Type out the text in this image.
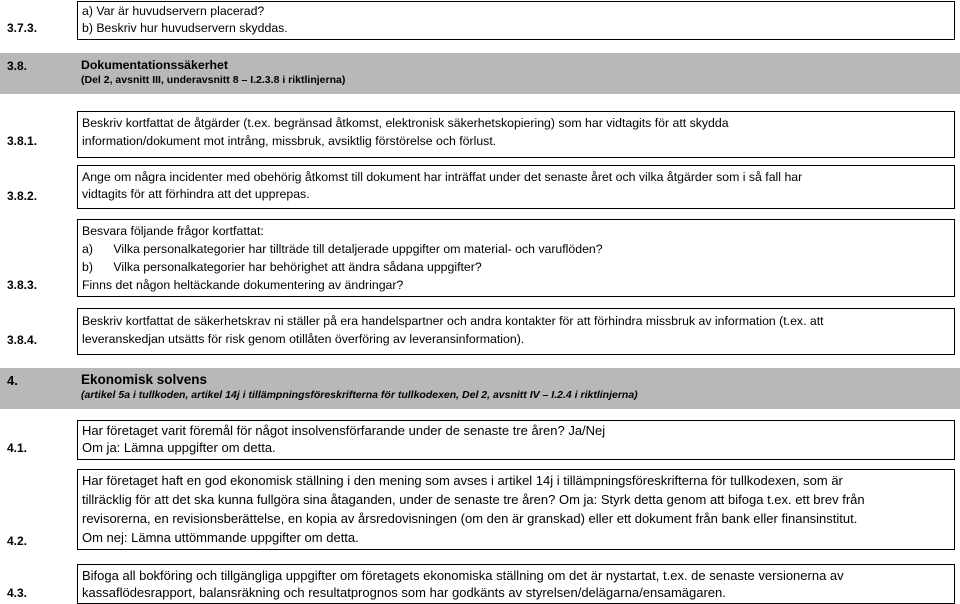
3.7.3.
a) Var är huvudservern placerad?
b) Beskriv hur huvudservern skyddas.
3.8.	Dokumentationssäkerhet
(Del 2, avsnitt III, underavsnitt 8 – I.2.3.8 i riktlinjerna)
3.8.1.
Beskriv kortfattat de åtgärder (t.ex. begränsad åtkomst, elektronisk säkerhetskopiering) som har vidtagits för att skydda
information/dokument mot intrång, missbruk, avsiktlig förstörelse och förlust.
3.8.2.
Ange om några incidenter med obehörig åtkomst till dokument har inträffat under det senaste året och vilka åtgärder som i så fall har
vidtagits för att förhindra att det upprepas.
3.8.3.
Besvara följande frågor kortfattat:
a)      Vilka personalkategorier har tillträde till detaljerade uppgifter om material- och varuflöden?
b)      Vilka personalkategorier har behörighet att ändra sådana uppgifter?
Finns det någon heltäckande dokumentering av ändringar?
3.8.4.
Beskriv kortfattat de säkerhetskrav ni ställer på era handelspartner och andra kontakter för att förhindra missbruk av information (t.ex. att
leveranskedjan utsätts för risk genom otillåten överföring av leveransinformation).
4.	Ekonomisk solvens
(artikel 5a i tullkoden, artikel 14j i tillämpningsföreskrifterna för tullkodexen, Del 2, avsnitt IV – I.2.4 i riktlinjerna)
4.1.
Har företaget varit föremål för något insolvensförfarande under de senaste tre åren? Ja/Nej
Om ja: Lämna uppgifter om detta.
4.2.
Har företaget haft en god ekonomisk ställning i den mening som avses i artikel 14j i tillämpningsföreskrifterna för tullkodexen, som är
tillräcklig för att det ska kunna fullgöra sina åtaganden, under de senaste tre åren? Om ja: Styrk detta genom att bifoga t.ex. ett brev från
revisorerna, en revisionsberättelse, en kopia av årsredovisningen (om den är granskad) eller ett dokument från bank eller finansinstitut.
Om nej: Lämna uttömmande uppgifter om detta.
4.3.
Bifoga all bokföring och tillgängliga uppgifter om företagets ekonomiska ställning om det är nystartat, t.ex. de senaste versionerna av
kassaflödesrapport, balansräkning och resultatprognos som har godkänts av styrelsen/delägarna/ensamägaren.
